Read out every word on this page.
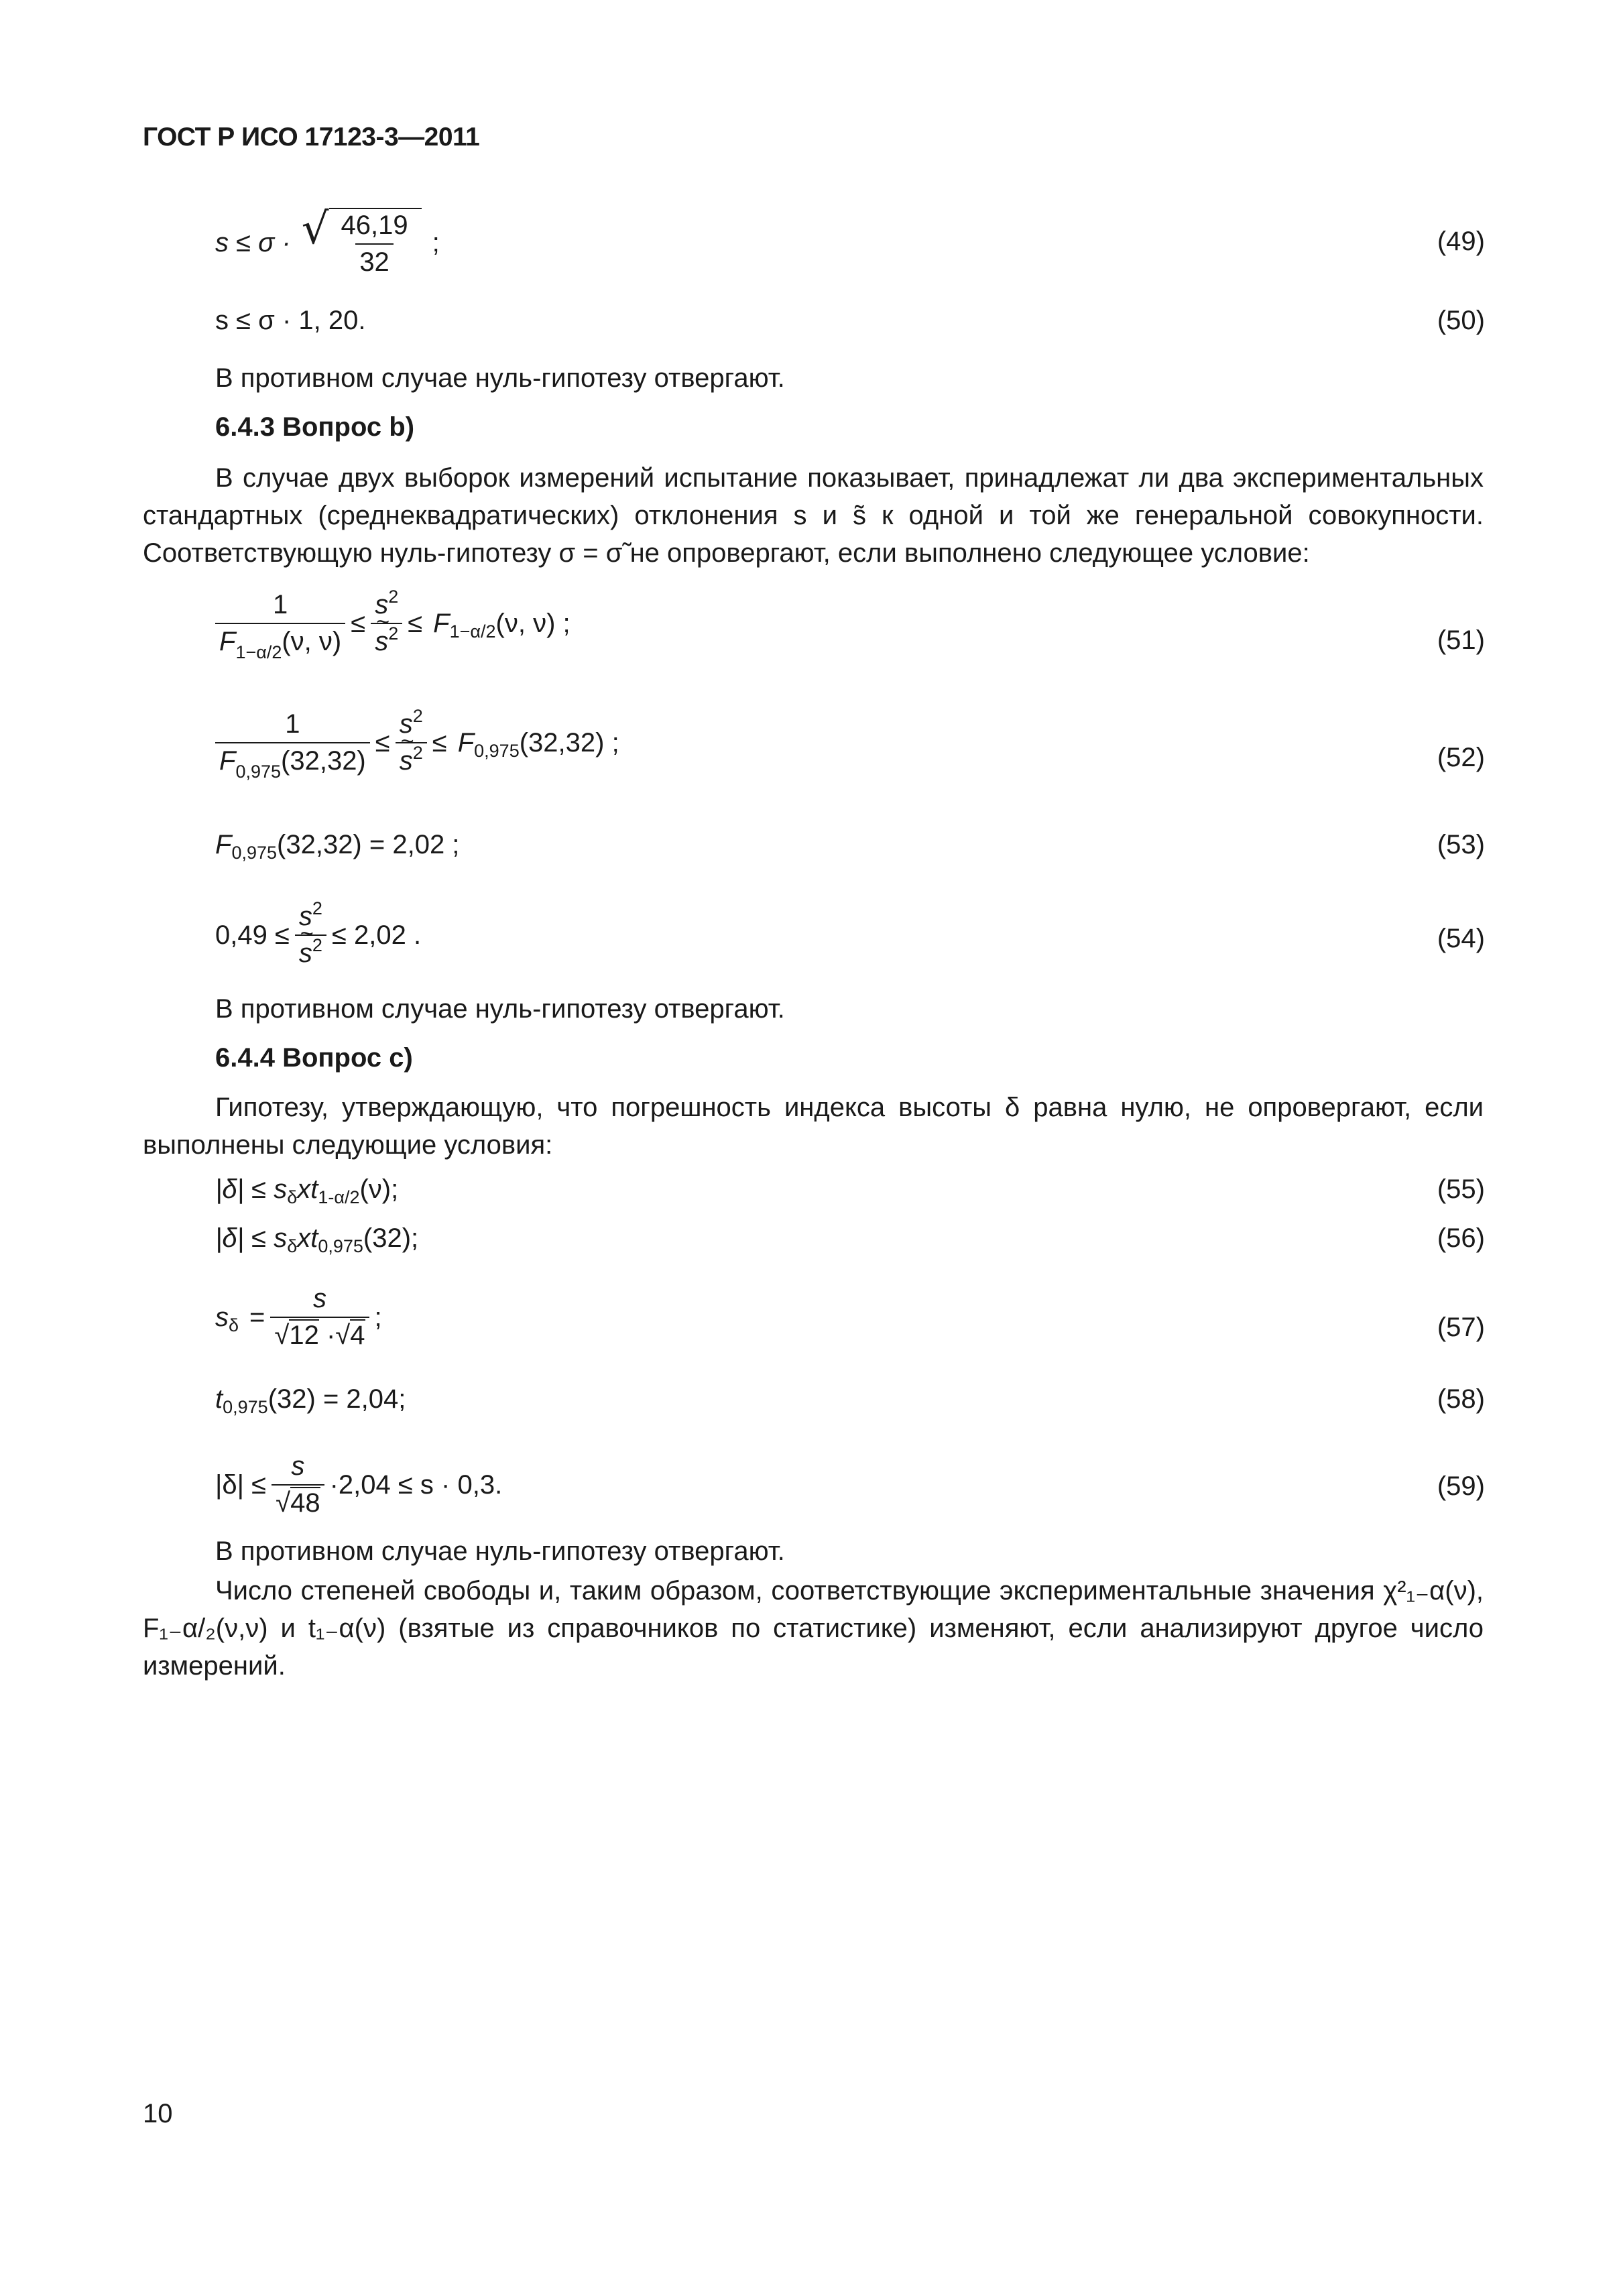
ГОСТ Р ИСО 17123-3—2011
s ≤ σ · √ $\frac{46,19}{32}$ ;	(49)
s ≤ σ · 1, 20.	(50)
В противном случае нуль-гипотезу отвергают.
6.4.3 Вопрос b)
В случае двух выборок измерений испытание показывает, принадлежат ли два экспериментальных стандартных (среднеквадратических) отклонения s и s̃ к одной и той же генеральной совокупности. Соответствующую нуль-гипотезу σ = σ̃ не опровергают, если выполнено следующее условие:
$\frac{1}{F_{1-\alpha/2}(\nu, \nu)} \le s^2$
~ $s^2 \le F$ 1−α/2 (ν, ν) ;
(51)
$\frac{1}{F_{0,975}(32,32)} \le s^2$
~ $s^2 \le F$ 0,975 (32,32) ;
(52)
F 0,975 (32,32) = 2,02 ;	(53)
$0,49 \le s^2$
~ $s^2 \le 2,02$ .	(54)
В противном случае нуль-гипотезу отвергают.
6.4.4 Вопрос c)
Гипотезу, утверждающую, что погрешность индекса высоты δ равна нулю, не опровергают, если выполнены следующие условия:
|δ| ≤ s δ xt 1-α/2 (ν);	(55)
|δ| ≤ s δ xt 0,975 (32);	(56)
s $\delta = \frac{s}{√12 \cdot√4}$ ;	(57)
t 0,975 (32) = 2,04;	(58)
$|\delta| \le \frac{s}{√48} \cdot 2,04 \le s \cdot 0,3$.	(59)
В противном случае нуль-гипотезу отвергают.
Число степеней свободы и, таким образом, соответствующие экспериментальные значения χ²₁₋α(ν), F₁₋α/₂(ν,ν) и t₁₋α(ν) (взятые из справочников по статистике) изменяют, если анализируют другое число измерений.
10
